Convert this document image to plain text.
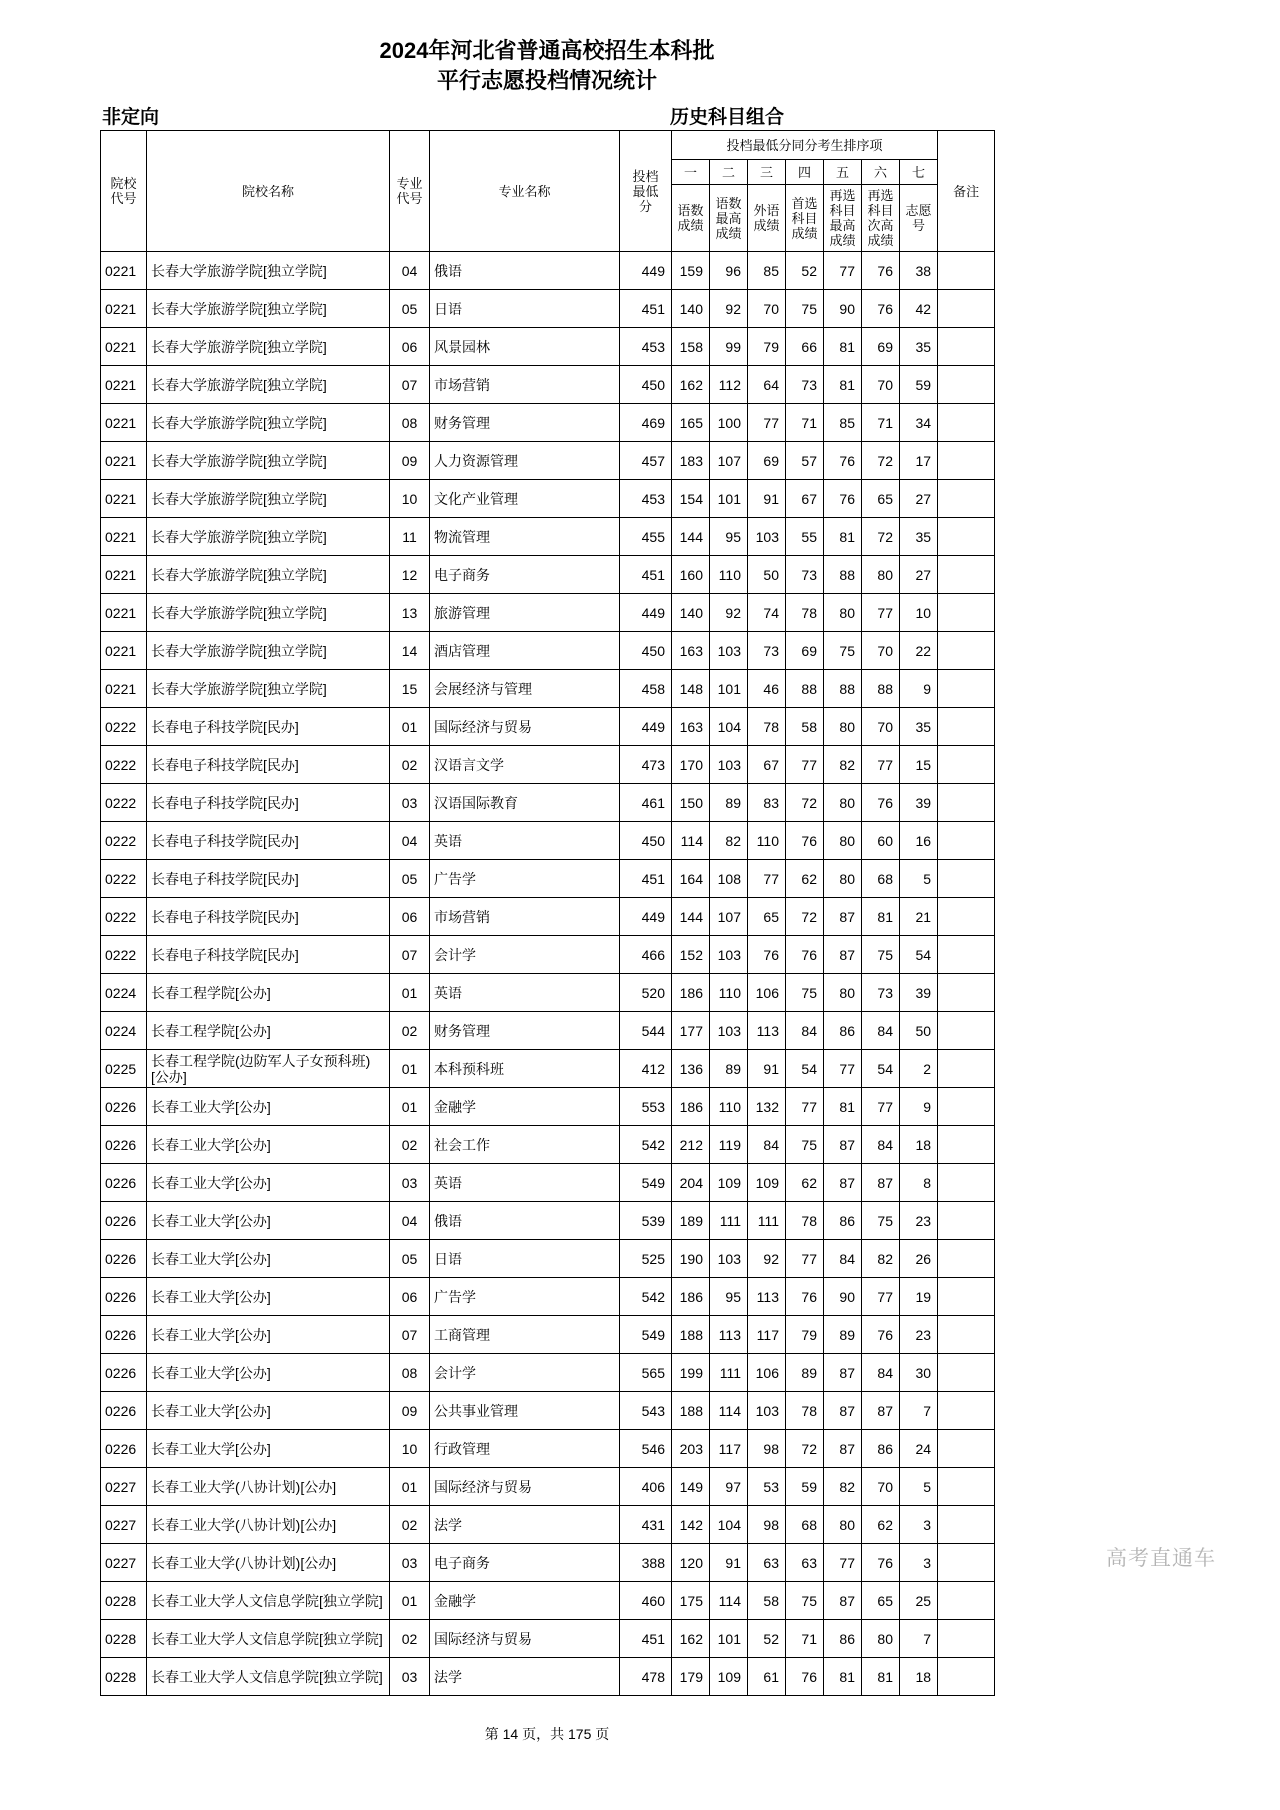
2024年河北省普通高校招生本科批
平行志愿投档情况统计
非定向	历史科目组合
院校代号	院校名称	专业代号	专业名称	投档最低分	投档最低分同分考生排序项							备注
					一	二	三	四	五	六	七	
					语数成绩	语数最高成绩	外语成绩	首选科目成绩	再选科目最高成绩	再选科目次高成绩	志愿号	
0221	长春大学旅游学院[独立学院]	04	俄语	449	159	96	85	52	77	76	38	
0221	长春大学旅游学院[独立学院]	05	日语	451	140	92	70	75	90	76	42	
0221	长春大学旅游学院[独立学院]	06	风景园林	453	158	99	79	66	81	69	35	
0221	长春大学旅游学院[独立学院]	07	市场营销	450	162	112	64	73	81	70	59	
0221	长春大学旅游学院[独立学院]	08	财务管理	469	165	100	77	71	85	71	34	
0221	长春大学旅游学院[独立学院]	09	人力资源管理	457	183	107	69	57	76	72	17	
0221	长春大学旅游学院[独立学院]	10	文化产业管理	453	154	101	91	67	76	65	27	
0221	长春大学旅游学院[独立学院]	11	物流管理	455	144	95	103	55	81	72	35	
0221	长春大学旅游学院[独立学院]	12	电子商务	451	160	110	50	73	88	80	27	
0221	长春大学旅游学院[独立学院]	13	旅游管理	449	140	92	74	78	80	77	10	
0221	长春大学旅游学院[独立学院]	14	酒店管理	450	163	103	73	69	75	70	22	
0221	长春大学旅游学院[独立学院]	15	会展经济与管理	458	148	101	46	88	88	88	9	
0222	长春电子科技学院[民办]	01	国际经济与贸易	449	163	104	78	58	80	70	35	
0222	长春电子科技学院[民办]	02	汉语言文学	473	170	103	67	77	82	77	15	
0222	长春电子科技学院[民办]	03	汉语国际教育	461	150	89	83	72	80	76	39	
0222	长春电子科技学院[民办]	04	英语	450	114	82	110	76	80	60	16	
0222	长春电子科技学院[民办]	05	广告学	451	164	108	77	62	80	68	5	
0222	长春电子科技学院[民办]	06	市场营销	449	144	107	65	72	87	81	21	
0222	长春电子科技学院[民办]	07	会计学	466	152	103	76	76	87	75	54	
0224	长春工程学院[公办]	01	英语	520	186	110	106	75	80	73	39	
0224	长春工程学院[公办]	02	财务管理	544	177	103	113	84	86	84	50	
0225	长春工程学院(边防军人子女预科班)[公办]	01	本科预科班	412	136	89	91	54	77	54	2	
0226	长春工业大学[公办]	01	金融学	553	186	110	132	77	81	77	9	
0226	长春工业大学[公办]	02	社会工作	542	212	119	84	75	87	84	18	
0226	长春工业大学[公办]	03	英语	549	204	109	109	62	87	87	8	
0226	长春工业大学[公办]	04	俄语	539	189	111	111	78	86	75	23	
0226	长春工业大学[公办]	05	日语	525	190	103	92	77	84	82	26	
0226	长春工业大学[公办]	06	广告学	542	186	95	113	76	90	77	19	
0226	长春工业大学[公办]	07	工商管理	549	188	113	117	79	89	76	23	
0226	长春工业大学[公办]	08	会计学	565	199	111	106	89	87	84	30	
0226	长春工业大学[公办]	09	公共事业管理	543	188	114	103	78	87	87	7	
0226	长春工业大学[公办]	10	行政管理	546	203	117	98	72	87	86	24	
0227	长春工业大学(八协计划)[公办]	01	国际经济与贸易	406	149	97	53	59	82	70	5	
0227	长春工业大学(八协计划)[公办]	02	法学	431	142	104	98	68	80	62	3	
0227	长春工业大学(八协计划)[公办]	03	电子商务	388	120	91	63	63	77	76	3	
0228	长春工业大学人文信息学院[独立学院]	01	金融学	460	175	114	58	75	87	65	25	
0228	长春工业大学人文信息学院[独立学院]	02	国际经济与贸易	451	162	101	52	71	86	80	7	
0228	长春工业大学人文信息学院[独立学院]	03	法学	478	179	109	61	76	81	81	18	
第 14 页，共 175 页
高考直通车
